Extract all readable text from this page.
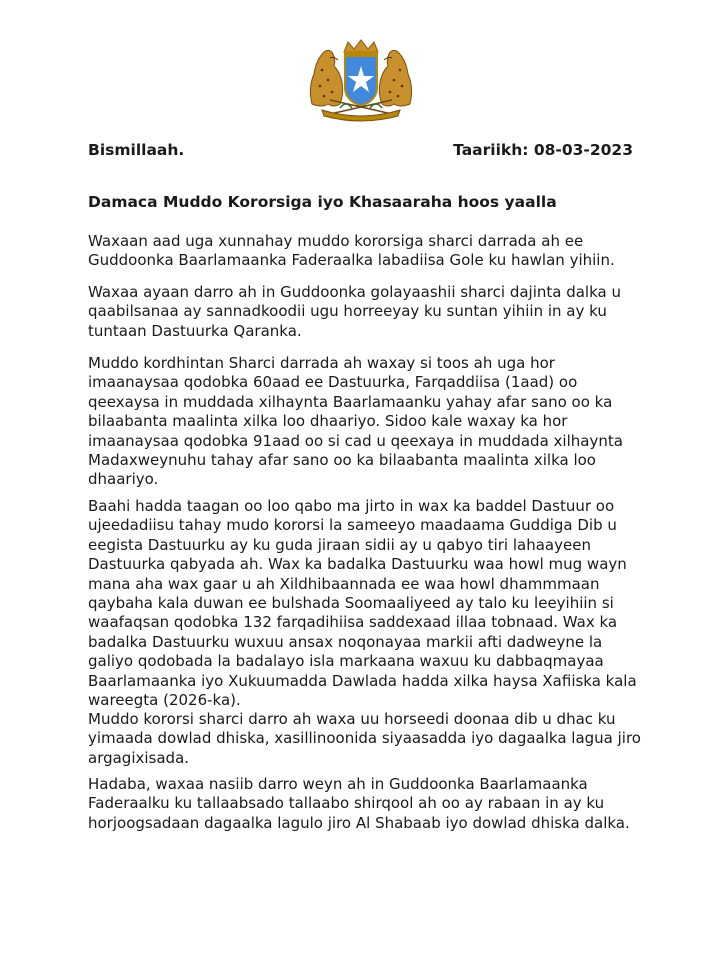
Bismillaah.	Taariikh: 08-03-2023
Damaca Muddo Kororsiga iyo Khasaaraha hoos yaalla
Waxaan aad uga xunnahay muddo kororsiga sharci darrada ah ee
Guddoonka Baarlamaanka Faderaalka labadiisa Gole ku hawlan yihiin.
Waxaa ayaan darro ah in Guddoonka golayaashii sharci dajinta dalka u
qaabilsanaa ay sannadkoodii ugu horreeyay ku suntan yihiin in ay ku
tuntaan Dastuurka Qaranka.
Muddo kordhintan Sharci darrada ah waxay si toos ah uga hor
imaanaysaa qodobka 60aad ee Dastuurka, Farqaddiisa (1aad) oo
qeexaysa in muddada xilhaynta Baarlamaanku yahay afar sano oo ka
bilaabanta maalinta xilka loo dhaariyo. Sidoo kale waxay ka hor
imaanaysaa qodobka 91aad oo si cad u qeexaya in muddada xilhaynta
Madaxweynuhu tahay afar sano oo ka bilaabanta maalinta xilka loo
dhaariyo.
Baahi hadda taagan oo loo qabo ma jirto in wax ka baddel Dastuur oo
ujeedadiisu tahay mudo kororsi la sameeyo maadaama Guddiga Dib u
eegista Dastuurku ay ku guda jiraan sidii ay u qabyo tiri lahaayeen
Dastuurka qabyada ah. Wax ka badalka Dastuurku waa howl mug wayn
mana aha wax gaar u ah Xildhibaannada ee waa howl dhammmaan
qaybaha kala duwan ee bulshada Soomaaliyeed ay talo ku leeyihiin si
waafaqsan qodobka 132 farqadihiisa saddexaad illaa tobnaad. Wax ka
badalka Dastuurku wuxuu ansax noqonayaa markii afti dadweyne la
galiyo qodobada la badalayo isla markaana waxuu ku dabbaqmayaa
Baarlamaanka iyo Xukuumadda Dawlada hadda xilka haysa Xafiiska kala
wareegta (2026-ka).
Muddo kororsi sharci darro ah waxa uu horseedi doonaa dib u dhac ku
yimaada dowlad dhiska, xasillinoonida siyaasadda iyo dagaalka lagua jiro
argagixisada.
Hadaba, waxaa nasiib darro weyn ah in Guddoonka Baarlamaanka
Faderaalku ku tallaabsado tallaabo shirqool ah oo ay rabaan in ay ku
horjoogsadaan dagaalka lagulo jiro Al Shabaab iyo dowlad dhiska dalka.
